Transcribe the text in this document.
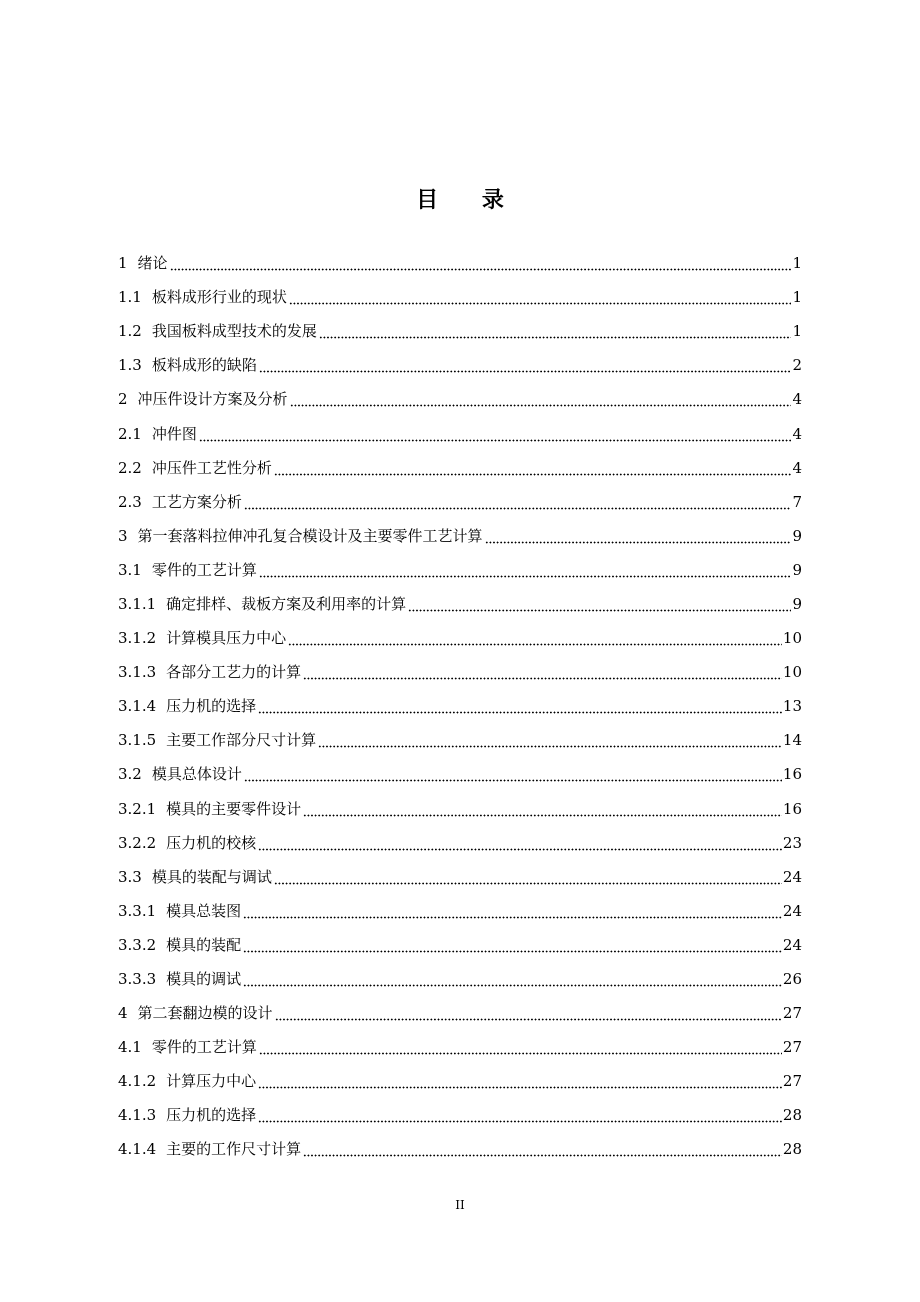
目 录
1 绪论	1
1.1 板料成形行业的现状	1
1.2 我国板料成型技术的发展	1
1.3 板料成形的缺陷	2
2 冲压件设计方案及分析	4
2.1 冲件图	4
2.2 冲压件工艺性分析	4
2.3 工艺方案分析	7
3 第一套落料拉伸冲孔复合模设计及主要零件工艺计算	9
3.1 零件的工艺计算	9
3.1.1 确定排样、裁板方案及利用率的计算	9
3.1.2 计算模具压力中心	10
3.1.3 各部分工艺力的计算	10
3.1.4 压力机的选择	13
3.1.5 主要工作部分尺寸计算	14
3.2 模具总体设计	16
3.2.1 模具的主要零件设计	16
3.2.2 压力机的校核	23
3.3 模具的装配与调试	24
3.3.1 模具总装图	24
3.3.2 模具的装配	24
3.3.3 模具的调试	26
4 第二套翻边模的设计	27
4.1 零件的工艺计算	27
4.1.2 计算压力中心	27
4.1.3 压力机的选择	28
4.1.4 主要的工作尺寸计算	28
II
